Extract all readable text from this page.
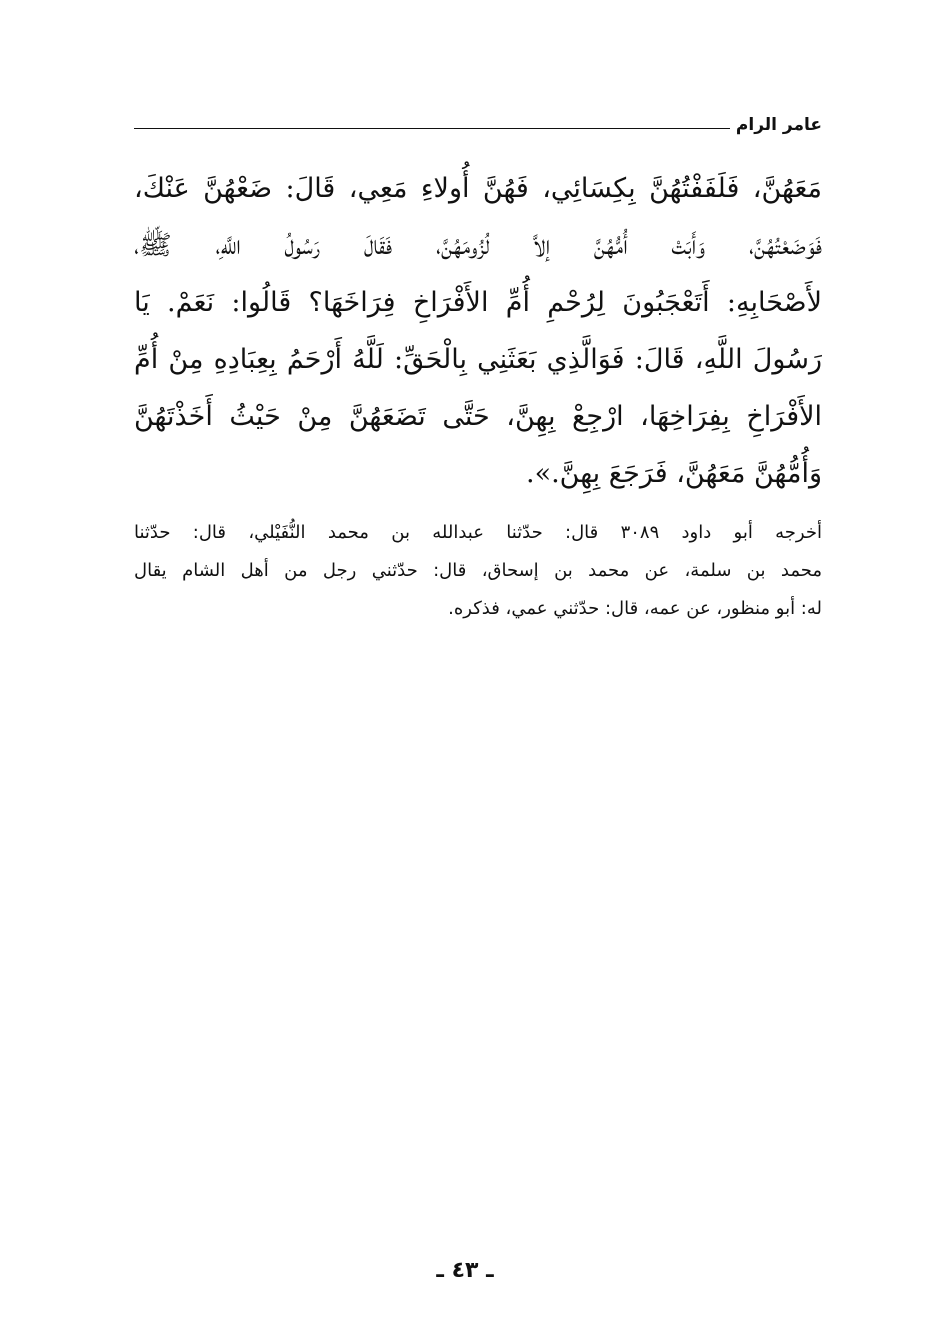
عامر الرام
مَعَهُنَّ، فَلَفَفْتُهُنَّ بِكِسَائِي، فَهُنَّ أُولاءِ مَعِي، قَالَ: ضَعْهُنَّ عَنْكَ،
فَوَضَعْتُهُنَّ، وَأَبَتْ أُمُّهُنَّ إلاَّ لُزُومَهُنَّ، فَقَالَ رَسُولُ اللَّهِ، ﷺ،
لأَصْحَابِهِ: أَتَعْجَبُونَ لِرُحْمِ أُمِّ الأَفْرَاخِ فِرَاخَهَا؟ قَالُوا: نَعَمْ. يَا
رَسُولَ اللَّهِ، قَالَ: فَوَالَّذِي بَعَثَنِي بِالْحَقِّ: لَلَّهُ أَرْحَمُ بِعِبَادِهِ مِنْ أُمِّ
الأَفْرَاخِ بِفِرَاخِهَا، ارْجِعْ بِهِنَّ، حَتَّى تَضَعَهُنَّ مِنْ حَيْثُ أَخَذْتَهُنَّ
وَأُمُّهُنَّ مَعَهُنَّ، فَرَجَعَ بِهِنَّ.».
أخرجه أبو داود ٣٠٨٩ قال: حدّثنا عبدالله بن محمد النُّفَيْلي، قال: حدّثنا
محمد بن سلمة، عن محمد بن إسحاق، قال: حدّثني رجل من أهل الشام يقال
له: أبو منظور، عن عمه، قال: حدّثني عمي، فذكره.
ـ ٤٣ ـ
